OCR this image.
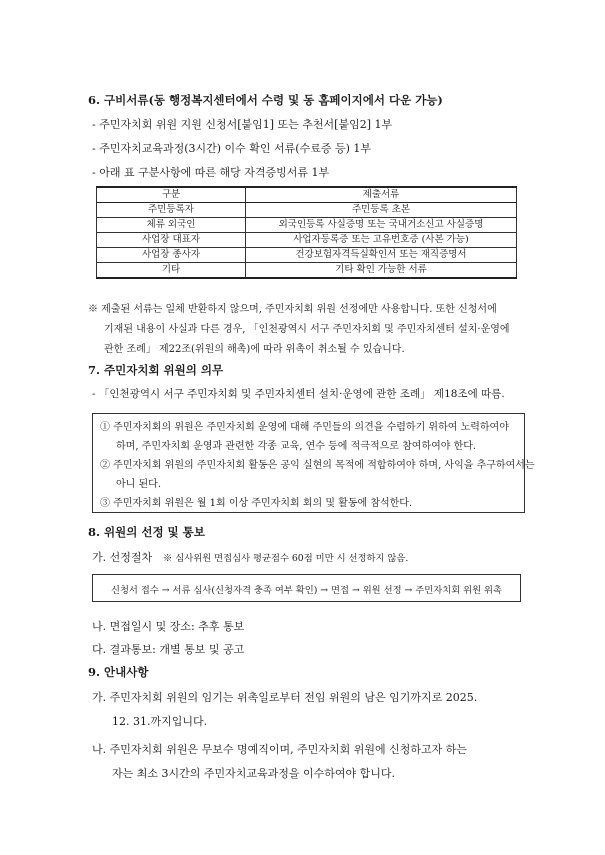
6. 구비서류(동 행정복지센터에서 수령 및 동 홈페이지에서 다운 가능)
- 주민자치회 위원 지원 신청서[붙임1] 또는 추천서[붙임2] 1부
- 주민자치교육과정(3시간) 이수 확인 서류(수료증 등) 1부
- 아래 표 구분사항에 따른 해당 자격증빙서류 1부
구분	제출서류
주민등록자	주민등록 초본
체류 외국인	외국인등록 사실증명 또는 국내거소신고 사실증명
사업장 대표자	사업자등록증 또는 고유번호증 (사본 가능)
사업장 종사자	건강보험자격득실확인서 또는 재직증명서
기타	기타 확인 가능한 서류
※ 제출된 서류는 일체 반환하지 않으며, 주민자치회 위원 선정에만 사용합니다. 또한 신청서에
기재된 내용이 사실과 다른 경우, 「인천광역시 서구 주민자치회 및 주민자치센터 설치·운영에
관한 조례」 제22조(위원의 해촉)에 따라 위촉이 취소될 수 있습니다.
7. 주민자치회 위원의 의무
- 「인천광역시 서구 주민자치회 및 주민자치센터 설치·운영에 관한 조례」 제18조에 따름.
① 주민자치회의 위원은 주민자치회 운영에 대해 주민들의 의견을 수렴하기 위하여 노력하여야
하며, 주민자치회 운영과 관련한 각종 교육, 연수 등에 적극적으로 참여하여야 한다.
② 주민자치회 위원의 주민자치회 활동은 공익 실현의 목적에 적합하여야 하며, 사익을 추구하여서는
아니 된다.
③ 주민자치회 위원은 월 1회 이상 주민자치회 회의 및 활동에 참석한다.
8. 위원의 선정 및 통보
가. 선정절차 ※ 심사위원 면접심사 평균점수 60점 미만 시 선정하지 않음.
신청서 접수 → 서류 심사(신청자격 충족 여부 확인) → 면접 → 위원 선정 → 주민자치회 위원 위촉
나. 면접일시 및 장소: 추후 통보
다. 결과통보: 개별 통보 및 공고
9. 안내사항
가. 주민자치회 위원의 임기는 위촉일로부터 전임 위원의 남은 임기까지로 2025.
12. 31.까지입니다.
나. 주민자치회 위원은 무보수 명예직이며, 주민자치회 위원에 신청하고자 하는
자는 최소 3시간의 주민자치교육과정을 이수하여야 합니다.
